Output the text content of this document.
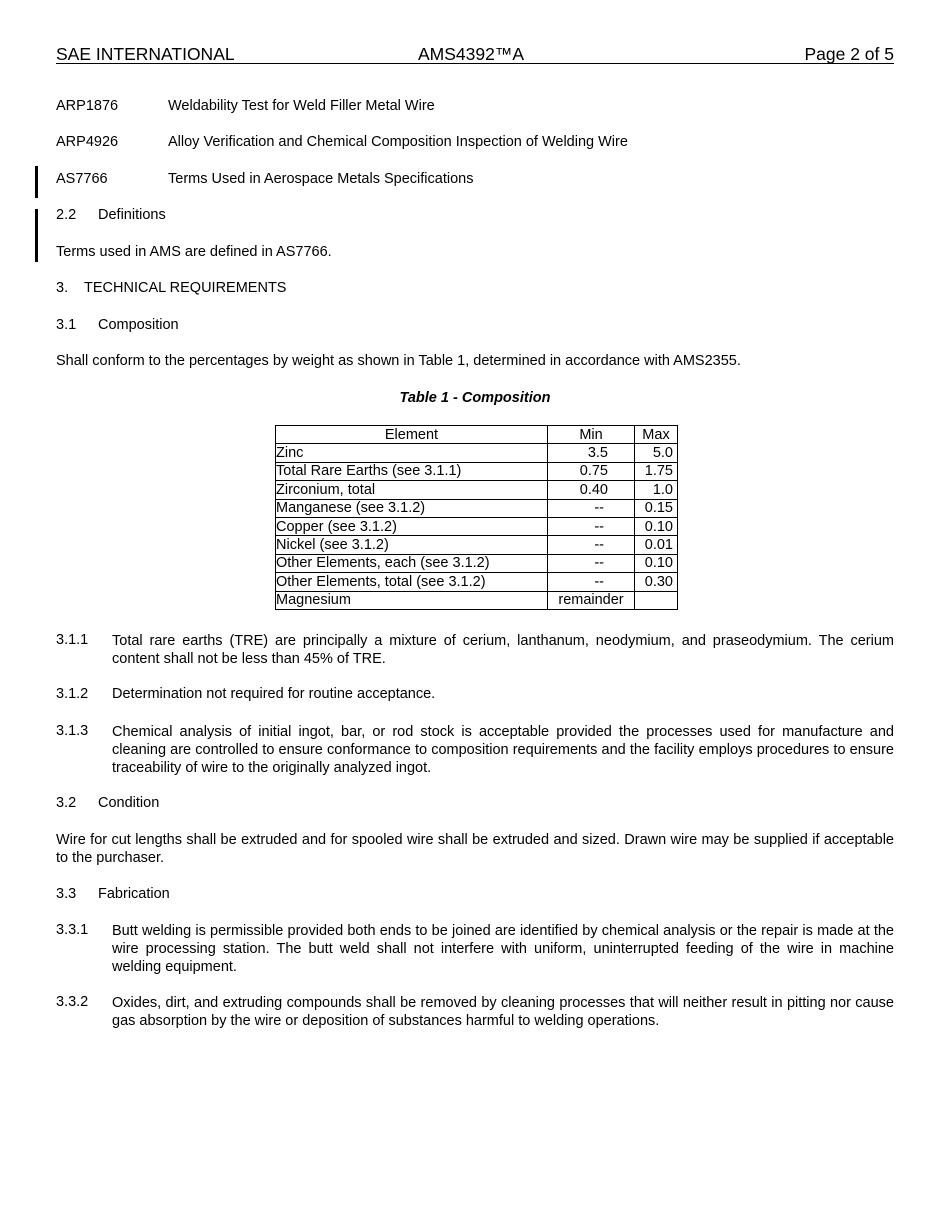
SAE INTERNATIONAL	AMS4392™A	Page 2 of 5
ARP1876	Weldability Test for Weld Filler Metal Wire
ARP4926	Alloy Verification and Chemical Composition Inspection of Welding Wire
AS7766	Terms Used in Aerospace Metals Specifications
2.2 Definitions
Terms used in AMS are defined in AS7766.
3. TECHNICAL REQUIREMENTS
3.1 Composition
Shall conform to the percentages by weight as shown in Table 1, determined in accordance with AMS2355.
Table 1 - Composition
Element	Min	Max
Zinc	3.5	5.0
Total Rare Earths (see 3.1.1)	0.75	1.75
Zirconium, total	0.40	1.0
Manganese (see 3.1.2)	--	0.15
Copper (see 3.1.2)	--	0.10
Nickel (see 3.1.2)	--	0.01
Other Elements, each (see 3.1.2)	--	0.10
Other Elements, total (see 3.1.2)	--	0.30
Magnesium	remainder	
3.1.1 Total rare earths (TRE) are principally a mixture of cerium, lanthanum, neodymium, and praseodymium. The cerium content shall not be less than 45% of TRE.
3.1.2 Determination not required for routine acceptance.
3.1.3 Chemical analysis of initial ingot, bar, or rod stock is acceptable provided the processes used for manufacture and cleaning are controlled to ensure conformance to composition requirements and the facility employs procedures to ensure traceability of wire to the originally analyzed ingot.
3.2 Condition
Wire for cut lengths shall be extruded and for spooled wire shall be extruded and sized. Drawn wire may be supplied if acceptable to the purchaser.
3.3 Fabrication
3.3.1 Butt welding is permissible provided both ends to be joined are identified by chemical analysis or the repair is made at the wire processing station. The butt weld shall not interfere with uniform, uninterrupted feeding of the wire in machine welding equipment.
3.3.2 Oxides, dirt, and extruding compounds shall be removed by cleaning processes that will neither result in pitting nor cause gas absorption by the wire or deposition of substances harmful to welding operations.
